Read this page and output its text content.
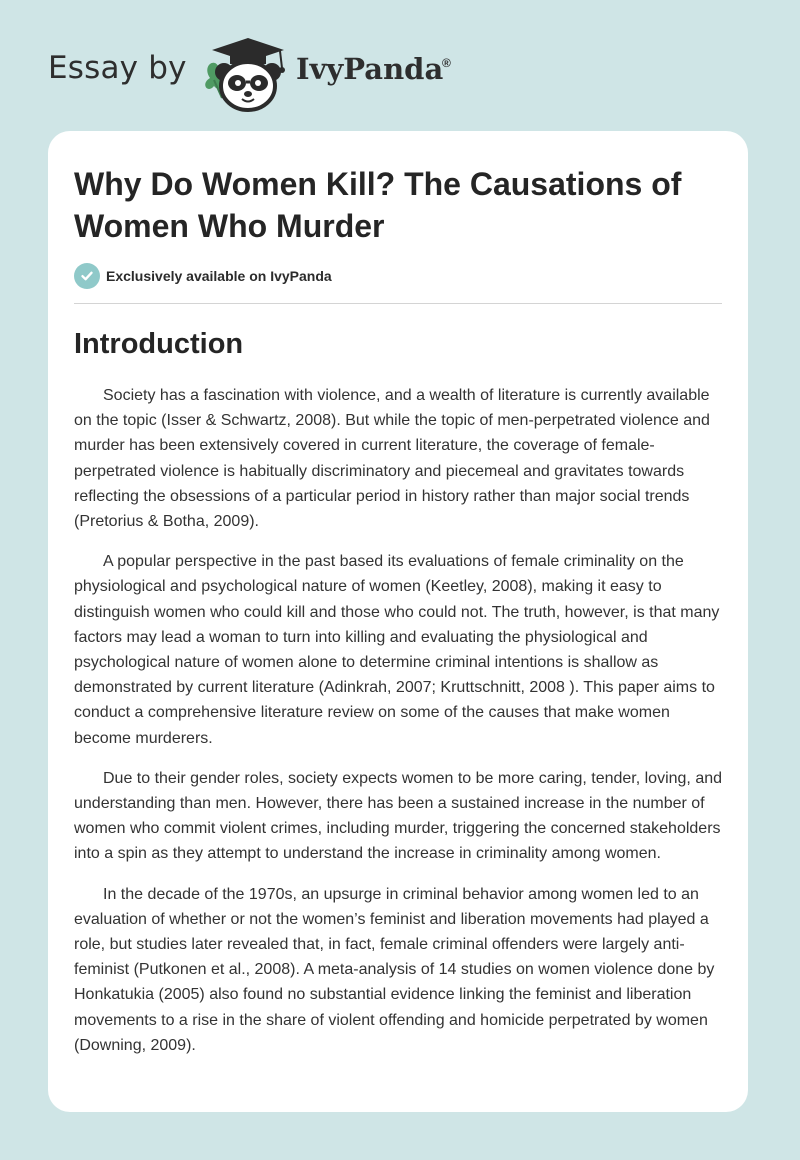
Essay by	IvyPanda
®
Why Do Women Kill? The Causations of Women Who Murder
Exclusively available on IvyPanda
Introduction

Society has a fascination with violence, and a wealth of literature is currently available on the topic (Isser & Schwartz, 2008). But while the topic of men-perpetrated violence and murder has been extensively covered in current literature, the coverage of female-perpetrated violence is habitually discriminatory and piecemeal and gravitates towards reflecting the obsessions of a particular period in history rather than major social trends (Pretorius & Botha, 2009).

A popular perspective in the past based its evaluations of female criminality on the physiological and psychological nature of women (Keetley, 2008), making it easy to distinguish women who could kill and those who could not. The truth, however, is that many factors may lead a woman to turn into killing and evaluating the physiological and psychological nature of women alone to determine criminal intentions is shallow as demonstrated by current literature (Adinkrah, 2007; Kruttschnitt, 2008 ). This paper aims to conduct a comprehensive literature review on some of the causes that make women become murderers.

Due to their gender roles, society expects women to be more caring, tender, loving, and understanding than men. However, there has been a sustained increase in the number of women who commit violent crimes, including murder, triggering the concerned stakeholders into a spin as they attempt to understand the increase in criminality among women.

In the decade of the 1970s, an upsurge in criminal behavior among women led to an evaluation of whether or not the women’s feminist and liberation movements had played a role, but studies later revealed that, in fact, female criminal offenders were largely anti-feminist (Putkonen et al., 2008). A meta-analysis of 14 studies on women violence done by Honkatukia (2005) also found no substantial evidence linking the feminist and liberation movements to a rise in the share of violent offending and homicide perpetrated by women (Downing, 2009).
